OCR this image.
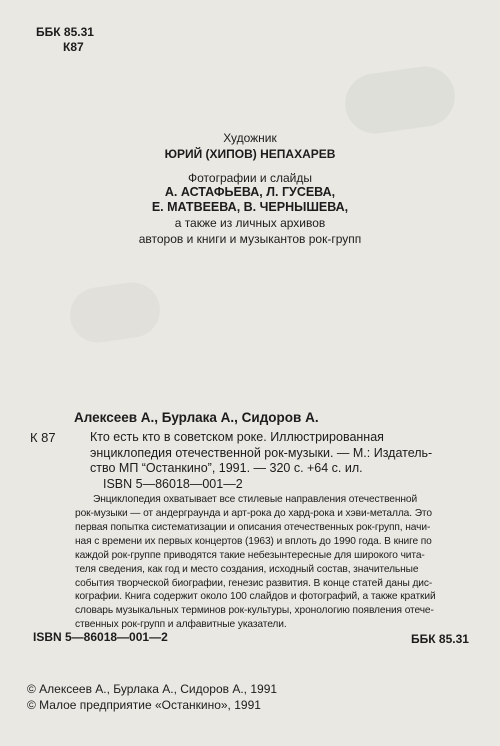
​
ББК 85.31
К87
Художник
ЮРИЙ (ХИПОВ) НЕПАХАРЕВ
Фотографии и слайды
А. АСТАФЬЕВА, Л. ГУСЕВА,
Е. МАТВЕЕВА, В. ЧЕРНЫШЕВА,
а также из личных архивов
авторов и книги и музыкантов рок-групп
Алексеев А., Бурлака А., Сидоров А.
К 87	Кто есть кто в советском роке. Иллюстрированная
энциклопедия отечественной рок-музыки. — М.: Издатель-
ство МП “Останкино”, 1991. — 320 с. +64 с. ил.
ISBN 5—86018—001—2
Энциклопедия охватывает все стилевые направления отечественной
рок-музыки — от андерграунда и арт-рока до хард-рока и хэви-металла. Это
первая попытка систематизации и описания отечественных рок-групп, начи-
ная с времени их первых концертов (1963) и вплоть до 1990 года. В книге по
каждой рок-группе приводятся такие небезынтересные для широкого чита-
теля сведения, как год и место создания, исходный состав, значительные
события творческой биографии, генезис развития. В конце статей даны дис-
кографии. Книга содержит около 100 слайдов и фотографий, а также краткий
словарь музыкальных терминов рок-культуры, хронологию появления отече-
ственных рок-групп и алфавитные указатели.
ISBN 5—86018—001—2	ББК 85.31
© Алексеев А., Бурлака А., Сидоров А., 1991
© Малое предприятие «Останкино», 1991
